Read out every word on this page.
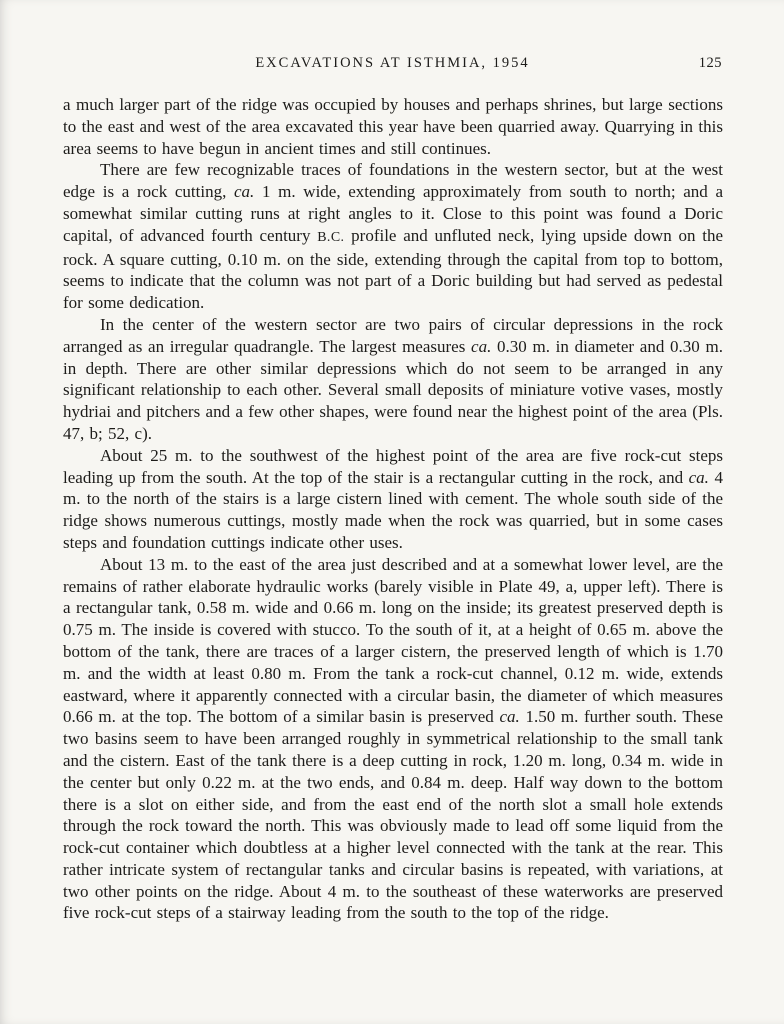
EXCAVATIONS AT ISTHMIA, 1954	125

a much larger part of the ridge was occupied by houses and perhaps shrines, but large sections to the east and west of the area excavated this year have been quarried away. Quarrying in this area seems to have begun in ancient times and still continues.

There are few recognizable traces of foundations in the western sector, but at the west edge is a rock cutting, ca. 1 m. wide, extending approximately from south to north; and a somewhat similar cutting runs at right angles to it. Close to this point was found a Doric capital, of advanced fourth century B.C. profile and unfluted neck, lying upside down on the rock. A square cutting, 0.10 m. on the side, extending through the capital from top to bottom, seems to indicate that the column was not part of a Doric building but had served as pedestal for some dedication.

In the center of the western sector are two pairs of circular depressions in the rock arranged as an irregular quadrangle. The largest measures ca. 0.30 m. in diameter and 0.30 m. in depth. There are other similar depressions which do not seem to be arranged in any significant relationship to each other. Several small deposits of miniature votive vases, mostly hydriai and pitchers and a few other shapes, were found near the highest point of the area (Pls. 47, b; 52, c).

About 25 m. to the southwest of the highest point of the area are five rock-cut steps leading up from the south. At the top of the stair is a rectangular cutting in the rock, and ca. 4 m. to the north of the stairs is a large cistern lined with cement. The whole south side of the ridge shows numerous cuttings, mostly made when the rock was quarried, but in some cases steps and foundation cuttings indicate other uses.

About 13 m. to the east of the area just described and at a somewhat lower level, are the remains of rather elaborate hydraulic works (barely visible in Plate 49, a, upper left). There is a rectangular tank, 0.58 m. wide and 0.66 m. long on the inside; its greatest preserved depth is 0.75 m. The inside is covered with stucco. To the south of it, at a height of 0.65 m. above the bottom of the tank, there are traces of a larger cistern, the preserved length of which is 1.70 m. and the width at least 0.80 m. From the tank a rock-cut channel, 0.12 m. wide, extends eastward, where it apparently connected with a circular basin, the diameter of which measures 0.66 m. at the top. The bottom of a similar basin is preserved ca. 1.50 m. further south. These two basins seem to have been arranged roughly in symmetrical relationship to the small tank and the cistern. East of the tank there is a deep cutting in rock, 1.20 m. long, 0.34 m. wide in the center but only 0.22 m. at the two ends, and 0.84 m. deep. Half way down to the bottom there is a slot on either side, and from the east end of the north slot a small hole extends through the rock toward the north. This was obviously made to lead off some liquid from the rock-cut container which doubtless at a higher level connected with the tank at the rear. This rather intricate system of rectangular tanks and circular basins is repeated, with variations, at two other points on the ridge. About 4 m. to the southeast of these waterworks are preserved five rock-cut steps of a stairway leading from the south to the top of the ridge.
